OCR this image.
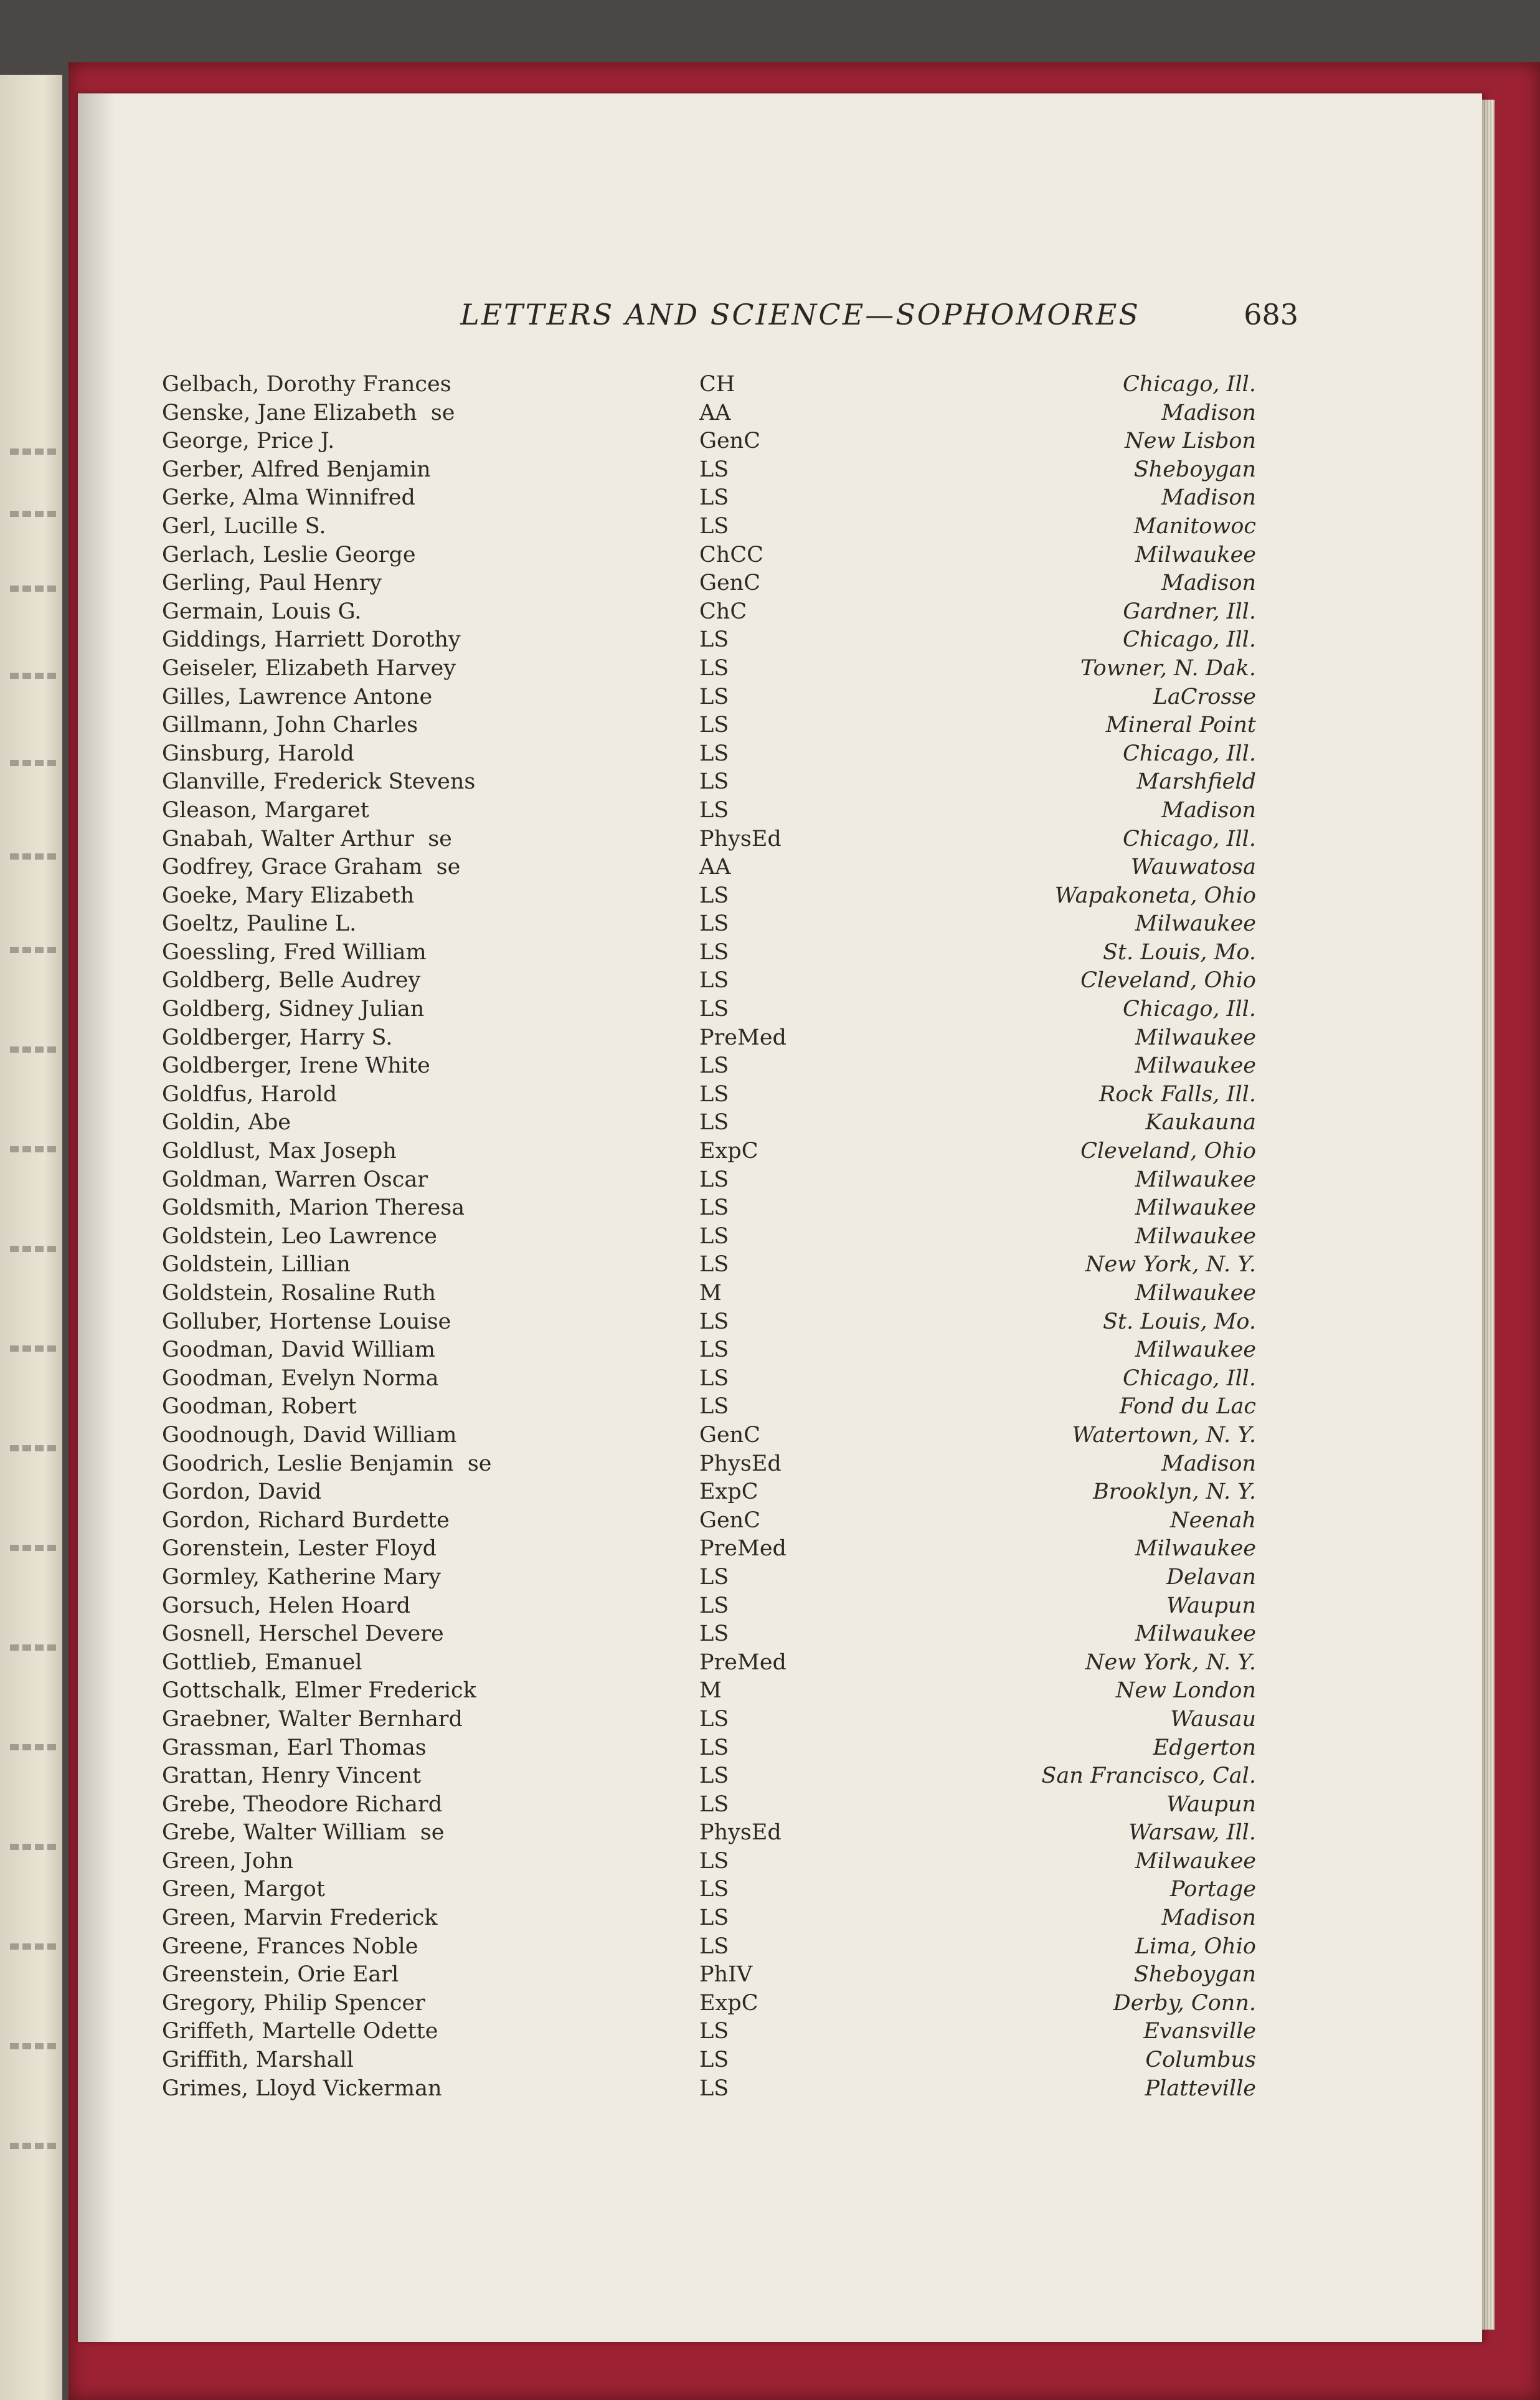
LETTERS AND SCIENCE—SOPHOMORES	683
Gelbach, Dorothy Frances	CH	Chicago, Ill.
Genske, Jane Elizabeth  se	AA	Madison
George, Price J.	GenC	New Lisbon
Gerber, Alfred Benjamin	LS	Sheboygan
Gerke, Alma Winnifred	LS	Madison
Gerl, Lucille S.	LS	Manitowoc
Gerlach, Leslie George	ChCC	Milwaukee
Gerling, Paul Henry	GenC	Madison
Germain, Louis G.	ChC	Gardner, Ill.
Giddings, Harriett Dorothy	LS	Chicago, Ill.
Geiseler, Elizabeth Harvey	LS	Towner, N. Dak.
Gilles, Lawrence Antone	LS	LaCrosse
Gillmann, John Charles	LS	Mineral Point
Ginsburg, Harold	LS	Chicago, Ill.
Glanville, Frederick Stevens	LS	Marshfield
Gleason, Margaret	LS	Madison
Gnabah, Walter Arthur  se	PhysEd	Chicago, Ill.
Godfrey, Grace Graham  se	AA	Wauwatosa
Goeke, Mary Elizabeth	LS	Wapakoneta, Ohio
Goeltz, Pauline L.	LS	Milwaukee
Goessling, Fred William	LS	St. Louis, Mo.
Goldberg, Belle Audrey	LS	Cleveland, Ohio
Goldberg, Sidney Julian	LS	Chicago, Ill.
Goldberger, Harry S.	PreMed	Milwaukee
Goldberger, Irene White	LS	Milwaukee
Goldfus, Harold	LS	Rock Falls, Ill.
Goldin, Abe	LS	Kaukauna
Goldlust, Max Joseph	ExpC	Cleveland, Ohio
Goldman, Warren Oscar	LS	Milwaukee
Goldsmith, Marion Theresa	LS	Milwaukee
Goldstein, Leo Lawrence	LS	Milwaukee
Goldstein, Lillian	LS	New York, N. Y.
Goldstein, Rosaline Ruth	M	Milwaukee
Golluber, Hortense Louise	LS	St. Louis, Mo.
Goodman, David William	LS	Milwaukee
Goodman, Evelyn Norma	LS	Chicago, Ill.
Goodman, Robert	LS	Fond du Lac
Goodnough, David William	GenC	Watertown, N. Y.
Goodrich, Leslie Benjamin  se	PhysEd	Madison
Gordon, David	ExpC	Brooklyn, N. Y.
Gordon, Richard Burdette	GenC	Neenah
Gorenstein, Lester Floyd	PreMed	Milwaukee
Gormley, Katherine Mary	LS	Delavan
Gorsuch, Helen Hoard	LS	Waupun
Gosnell, Herschel Devere	LS	Milwaukee
Gottlieb, Emanuel	PreMed	New York, N. Y.
Gottschalk, Elmer Frederick	M	New London
Graebner, Walter Bernhard	LS	Wausau
Grassman, Earl Thomas	LS	Edgerton
Grattan, Henry Vincent	LS	San Francisco, Cal.
Grebe, Theodore Richard	LS	Waupun
Grebe, Walter William  se	PhysEd	Warsaw, Ill.
Green, John	LS	Milwaukee
Green, Margot	LS	Portage
Green, Marvin Frederick	LS	Madison
Greene, Frances Noble	LS	Lima, Ohio
Greenstein, Orie Earl	PhIV	Sheboygan
Gregory, Philip Spencer	ExpC	Derby, Conn.
Griffeth, Martelle Odette	LS	Evansville
Griffith, Marshall	LS	Columbus
Grimes, Lloyd Vickerman	LS	Platteville
